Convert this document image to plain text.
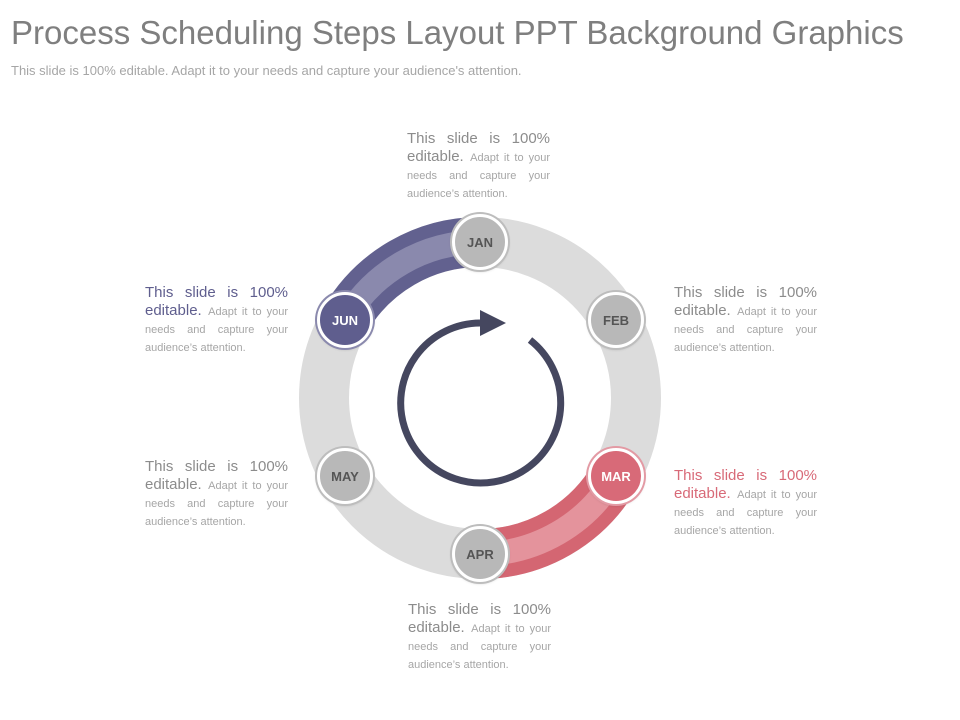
Process Scheduling Steps Layout PPT Background Graphics
This slide is 100% editable. Adapt it to your needs and capture your audience's attention.
JAN
FEB
MAR
APR
MAY
JUN
This slide is 100% editable. Adapt it to your needs and capture your audience’s attention.
This slide is 100% editable. Adapt it to your needs and capture your audience’s attention.
This slide is 100% editable. Adapt it to your needs and capture your audience’s attention.
This slide is 100% editable. Adapt it to your needs and capture your audience’s attention.
This slide is 100% editable. Adapt it to your needs and capture your audience’s attention.
This slide is 100% editable. Adapt it to your needs and capture your audience’s attention.
